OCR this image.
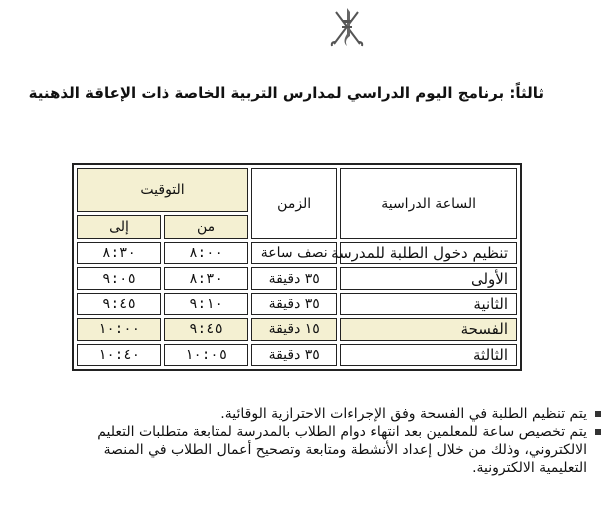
ثالثاً: برنامج اليوم الدراسي لمدارس التربية الخاصة ذات الإعاقة الذهنية
الساعة الدراسية	الزمن	التوقيت	
		من	إلى
تنظيم دخول الطلبة للمدرسة	نصف ساعة	٨:٠٠	٨:٣٠
الأولى	٣٥ دقيقة	٨:٣٠	٩:٠٥
الثانية	٣٥ دقيقة	٩:١٠	٩:٤٥
الفسحة	١٥ دقيقة	٩:٤٥	١٠:٠٠
الثالثة	٣٥ دقيقة	١٠:٠٥	١٠:٤٠
يتم تنظيم الطلبة في الفسحة وفق الإجراءات الاحترازية الوقائية.
يتم تخصيص ساعة للمعلمين بعد انتهاء دوام الطلاب بالمدرسة لمتابعة متطلبات التعليم
الالكتروني، وذلك من خلال إعداد الأنشطة ومتابعة وتصحيح أعمال الطلاب في المنصة
التعليمية الالكترونية.
